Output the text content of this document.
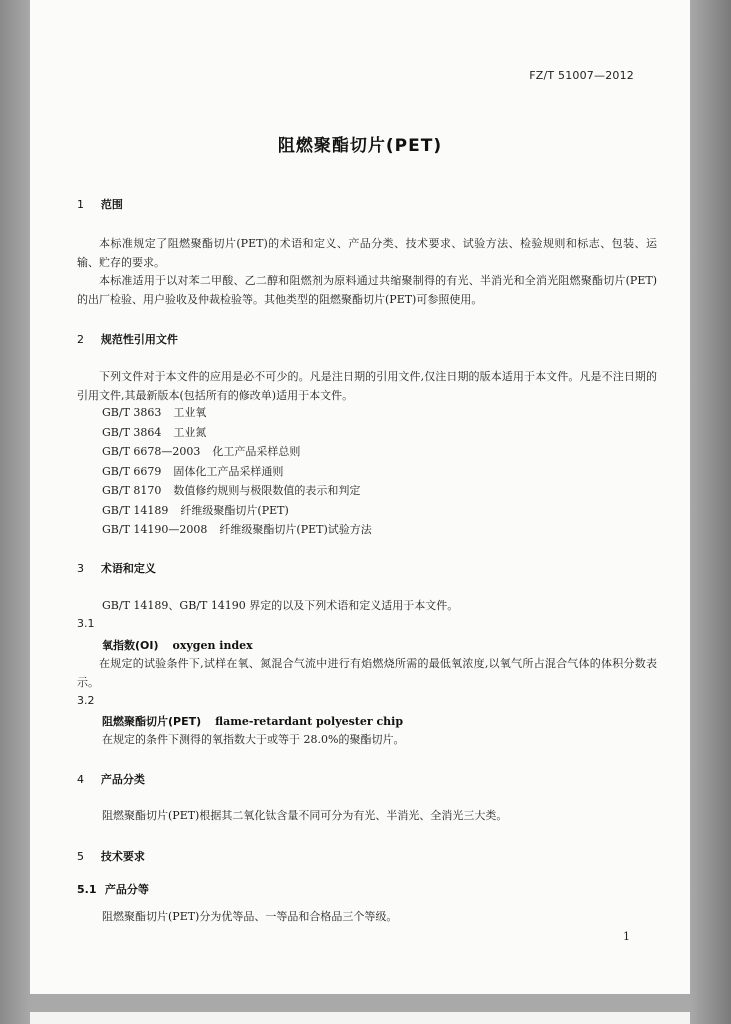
FZ/T 51007—2012
阻燃聚酯切片(PET)
1 范围
本标准规定了阻燃聚酯切片(PET)的术语和定义、产品分类、技术要求、试验方法、检验规则和标志、包装、运输、贮存的要求。
本标准适用于以对苯二甲酸、乙二醇和阻燃剂为原料通过共缩聚制得的有光、半消光和全消光阻燃聚酯切片(PET)的出厂检验、用户验收及仲裁检验等。其他类型的阻燃聚酯切片(PET)可参照使用。
2 规范性引用文件
下列文件对于本文件的应用是必不可少的。凡是注日期的引用文件,仅注日期的版本适用于本文件。凡是不注日期的引用文件,其最新版本(包括所有的修改单)适用于本文件。
GB/T 3863 工业氧
GB/T 3864 工业氮
GB/T 6678—2003 化工产品采样总则
GB/T 6679 固体化工产品采样通则
GB/T 8170 数值修约规则与极限数值的表示和判定
GB/T 14189 纤维级聚酯切片(PET)
GB/T 14190—2008 纤维级聚酯切片(PET)试验方法
3 术语和定义
GB/T 14189、GB/T 14190 界定的以及下列术语和定义适用于本文件。
3.1
氧指数(OI) oxygen index
在规定的试验条件下,试样在氧、氮混合气流中进行有焰燃烧所需的最低氧浓度,以氧气所占混合气体的体积分数表示。
3.2
阻燃聚酯切片(PET) flame-retardant polyester chip
在规定的条件下测得的氧指数大于或等于 28.0%的聚酯切片。
4 产品分类
阻燃聚酯切片(PET)根据其二氧化钛含量不同可分为有光、半消光、全消光三大类。
5 技术要求
5.1 产品分等
阻燃聚酯切片(PET)分为优等品、一等品和合格品三个等级。
1
